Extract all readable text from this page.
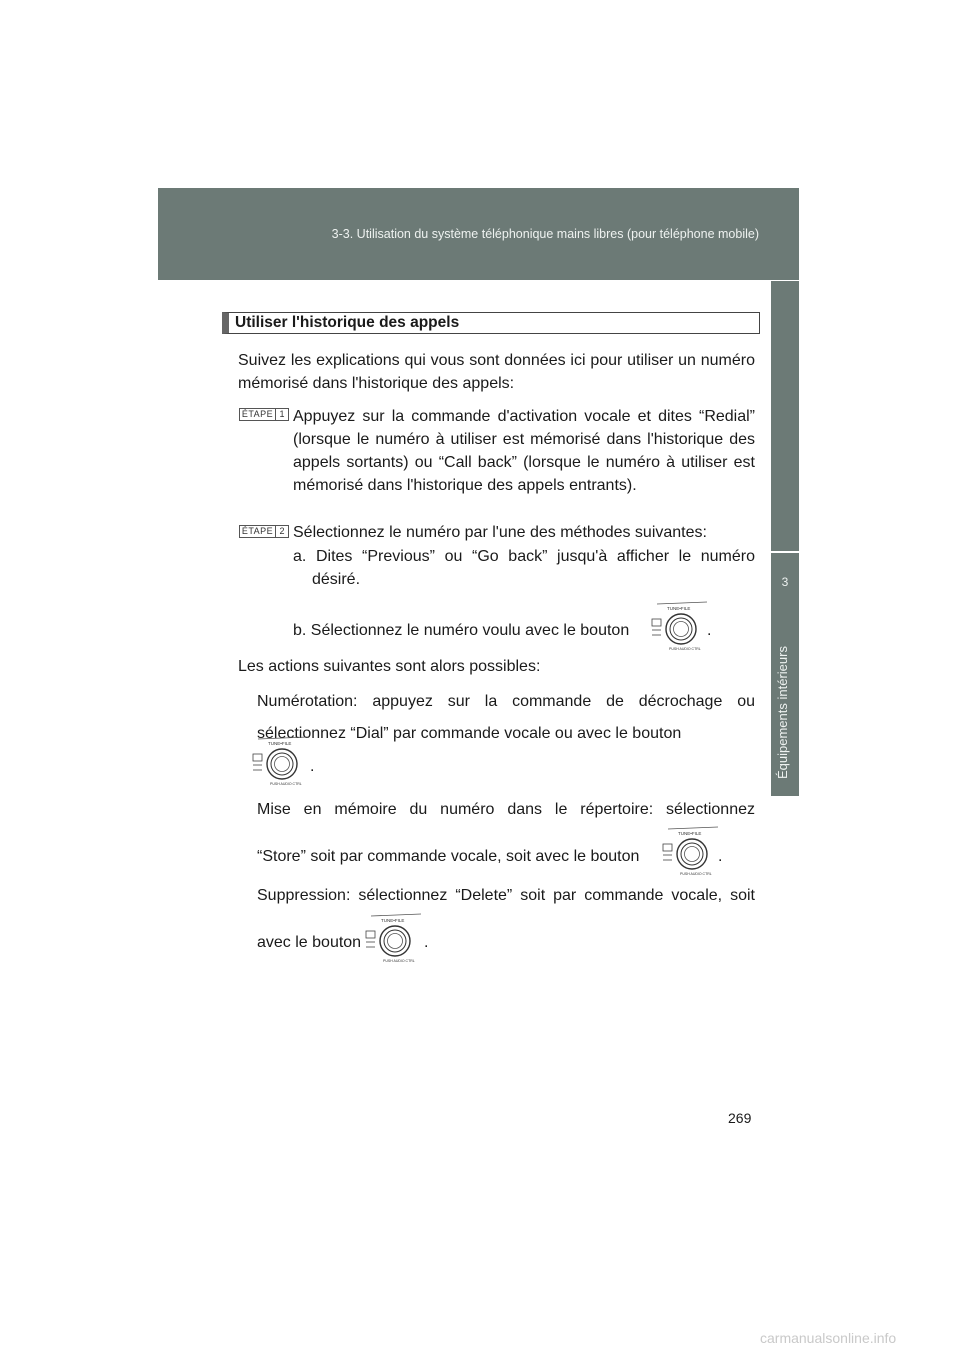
3-3. Utilisation du système téléphonique mains libres (pour téléphone mobile)
3
Équipements intérieurs
Utiliser l'historique des appels
Suivez les explications qui vous sont données ici pour utiliser un numéro mémorisé dans l'historique des appels:
ÉTAPE 1 Appuyez sur la commande d'activation vocale et dites “Redial” (lorsque le numéro à utiliser est mémorisé dans l'historique des appels sortants) ou “Call back” (lorsque le numéro à utiliser est mémorisé dans l'historique des appels entrants).
ÉTAPE 2 Sélectionnez le numéro par l'une des méthodes suivantes:
a. Dites “Previous” ou “Go back” jusqu'à afficher le numéro désiré.
b. Sélectionnez le numéro voulu avec le bouton
TUNE•FILE
PUSH AUDIO CTRL
.
Les actions suivantes sont alors possibles:
Numérotation: appuyez sur la commande de décrochage ou sélectionnez “Dial” par commande vocale ou avec le bouton
TUNE•FILE
PUSH AUDIO CTRL
.
Mise en mémoire du numéro dans le répertoire: sélectionnez
“Store” soit par commande vocale, soit avec le bouton
TUNE•FILE
PUSH AUDIO CTRL
.
Suppression: sélectionnez “Delete” soit par commande vocale, soit
avec le bouton
TUNE•FILE
PUSH AUDIO CTRL
.
269
carmanualsonline.info
